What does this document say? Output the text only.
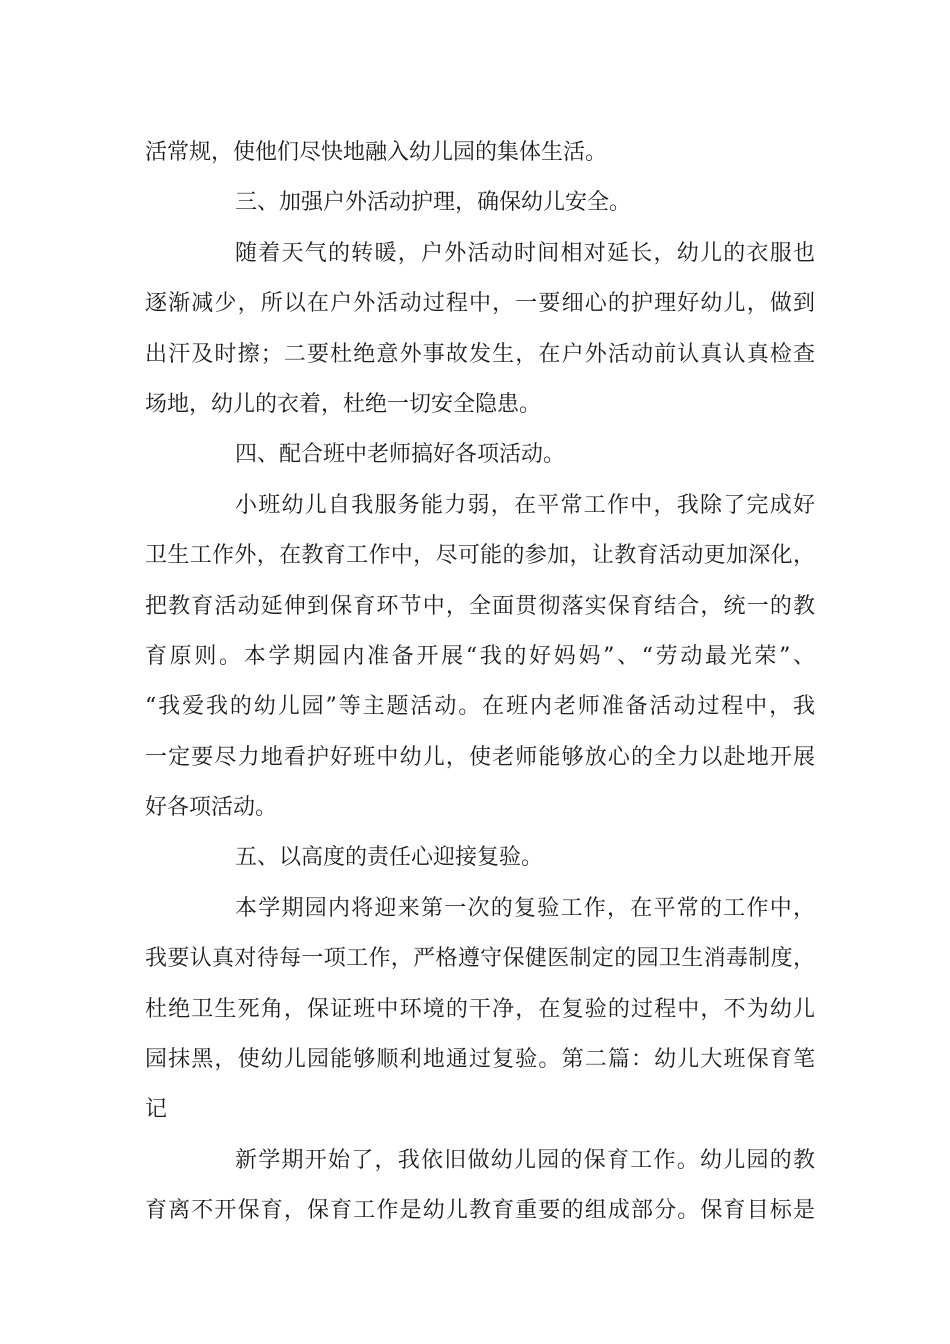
活常规，使他们尽快地融入幼儿园的集体生活。
三、加强户外活动护理，确保幼儿安全。
随着天气的转暖，户外活动时间相对延长，幼儿的衣服也
逐渐减少，所以在户外活动过程中，一要细心的护理好幼儿，做到
出汗及时擦；二要杜绝意外事故发生，在户外活动前认真认真检查
场地，幼儿的衣着，杜绝一切安全隐患。
四、配合班中老师搞好各项活动。
小班幼儿自我服务能力弱，在平常工作中，我除了完成好
卫生工作外，在教育工作中，尽可能的参加，让教育活动更加深化，
把教育活动延伸到保育环节中，全面贯彻落实保育结合，统一的教
育原则。本学期园内准备开展“我的好妈妈”、“劳动最光荣”、
“我爱我的幼儿园”等主题活动。在班内老师准备活动过程中，我
一定要尽力地看护好班中幼儿，使老师能够放心的全力以赴地开展
好各项活动。
五、以高度的责任心迎接复验。
本学期园内将迎来第一次的复验工作，在平常的工作中，
我要认真对待每一项工作，严格遵守保健医制定的园卫生消毒制度，
杜绝卫生死角，保证班中环境的干净，在复验的过程中，不为幼儿
园抹黑，使幼儿园能够顺利地通过复验。第二篇：幼儿大班保育笔
记
新学期开始了，我依旧做幼儿园的保育工作。幼儿园的教
育离不开保育，保育工作是幼儿教育重要的组成部分。保育目标是
